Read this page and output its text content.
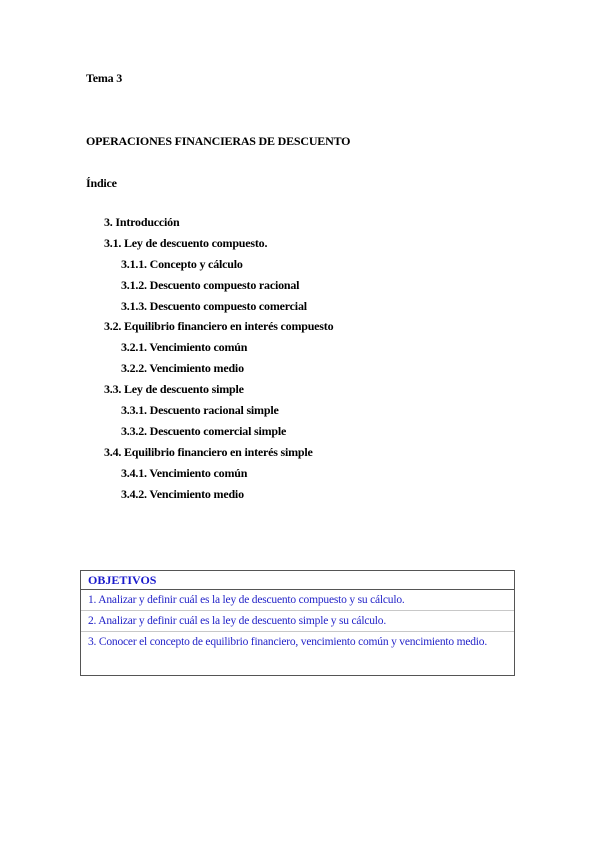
Tema 3
OPERACIONES FINANCIERAS DE DESCUENTO
Índice
3. Introducción
3.1. Ley de descuento compuesto.
3.1.1. Concepto y cálculo
3.1.2. Descuento compuesto racional
3.1.3. Descuento compuesto comercial
3.2. Equilibrio financiero en interés compuesto
3.2.1. Vencimiento común
3.2.2. Vencimiento medio
3.3. Ley de descuento simple
3.3.1. Descuento racional simple
3.3.2. Descuento comercial simple
3.4. Equilibrio financiero en interés simple
3.4.1. Vencimiento común
3.4.2. Vencimiento medio
OBJETIVOS
1. Analizar y definir cuál es la ley de descuento compuesto y su cálculo.
2. Analizar y definir cuál es la ley de descuento simple y su cálculo.
3. Conocer el concepto de equilibrio financiero, vencimiento común y vencimiento medio.
